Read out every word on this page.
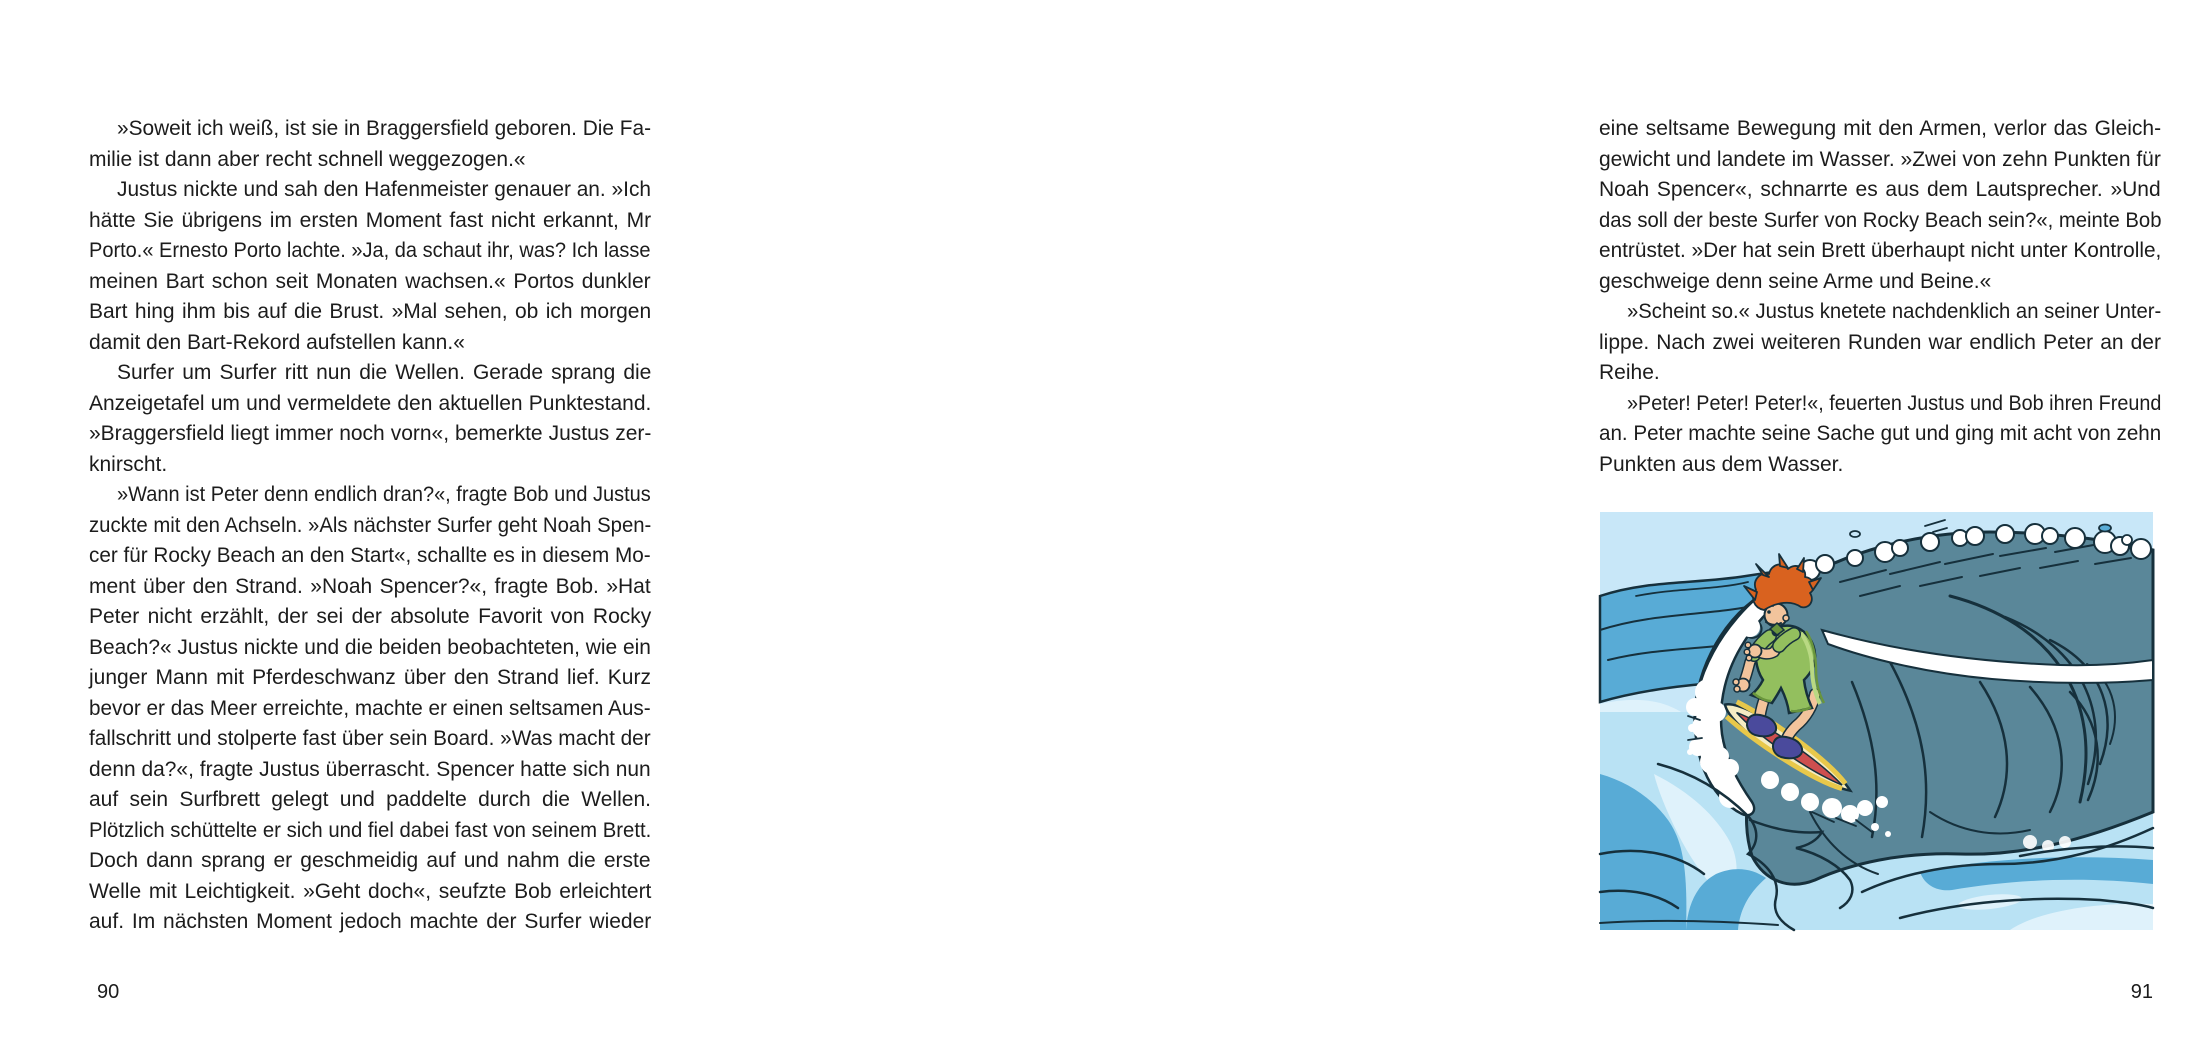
»Soweit ich weiß, ist sie in Braggersfield geboren. Die Fa-
milie ist dann aber recht schnell weggezogen.«
Justus nickte und sah den Hafenmeister genauer an. »Ich
hätte Sie übrigens im ersten Moment fast nicht erkannt, Mr
Porto.« Ernesto Porto lachte. »Ja, da schaut ihr, was? Ich lasse
meinen Bart schon seit Monaten wachsen.« Portos dunkler
Bart hing ihm bis auf die Brust. »Mal sehen, ob ich morgen
damit den Bart-Rekord aufstellen kann.«
Surfer um Surfer ritt nun die Wellen. Gerade sprang die
Anzeigetafel um und vermeldete den aktuellen Punktestand.
»Braggersfield liegt immer noch vorn«, bemerkte Justus zer-
knirscht.
»Wann ist Peter denn endlich dran?«, fragte Bob und Justus
zuckte mit den Achseln. »Als nächster Surfer geht Noah Spen-
cer für Rocky Beach an den Start«, schallte es in diesem Mo-
ment über den Strand. »Noah Spencer?«, fragte Bob. »Hat
Peter nicht erzählt, der sei der absolute Favorit von Rocky
Beach?« Justus nickte und die beiden beobachteten, wie ein
junger Mann mit Pferdeschwanz über den Strand lief. Kurz
bevor er das Meer erreichte, machte er einen seltsamen Aus-
fallschritt und stolperte fast über sein Board. »Was macht der
denn da?«, fragte Justus überrascht. Spencer hatte sich nun
auf sein Surfbrett gelegt und paddelte durch die Wellen.
Plötzlich schüttelte er sich und fiel dabei fast von seinem Brett.
Doch dann sprang er geschmeidig auf und nahm die erste
Welle mit Leichtigkeit. »Geht doch«, seufzte Bob erleichtert
auf. Im nächsten Moment jedoch machte der Surfer wieder
90
eine seltsame Bewegung mit den Armen, verlor das Gleich-
gewicht und landete im Wasser. »Zwei von zehn Punkten für
Noah Spencer«, schnarrte es aus dem Lautsprecher. »Und
das soll der beste Surfer von Rocky Beach sein?«, meinte Bob
entrüstet. »Der hat sein Brett überhaupt nicht unter Kontrolle,
geschweige denn seine Arme und Beine.«
»Scheint so.« Justus knetete nachdenklich an seiner Unter-
lippe. Nach zwei weiteren Runden war endlich Peter an der
Reihe.
»Peter! Peter! Peter!«, feuerten Justus und Bob ihren Freund
an. Peter machte seine Sache gut und ging mit acht von zehn
Punkten aus dem Wasser.
91
